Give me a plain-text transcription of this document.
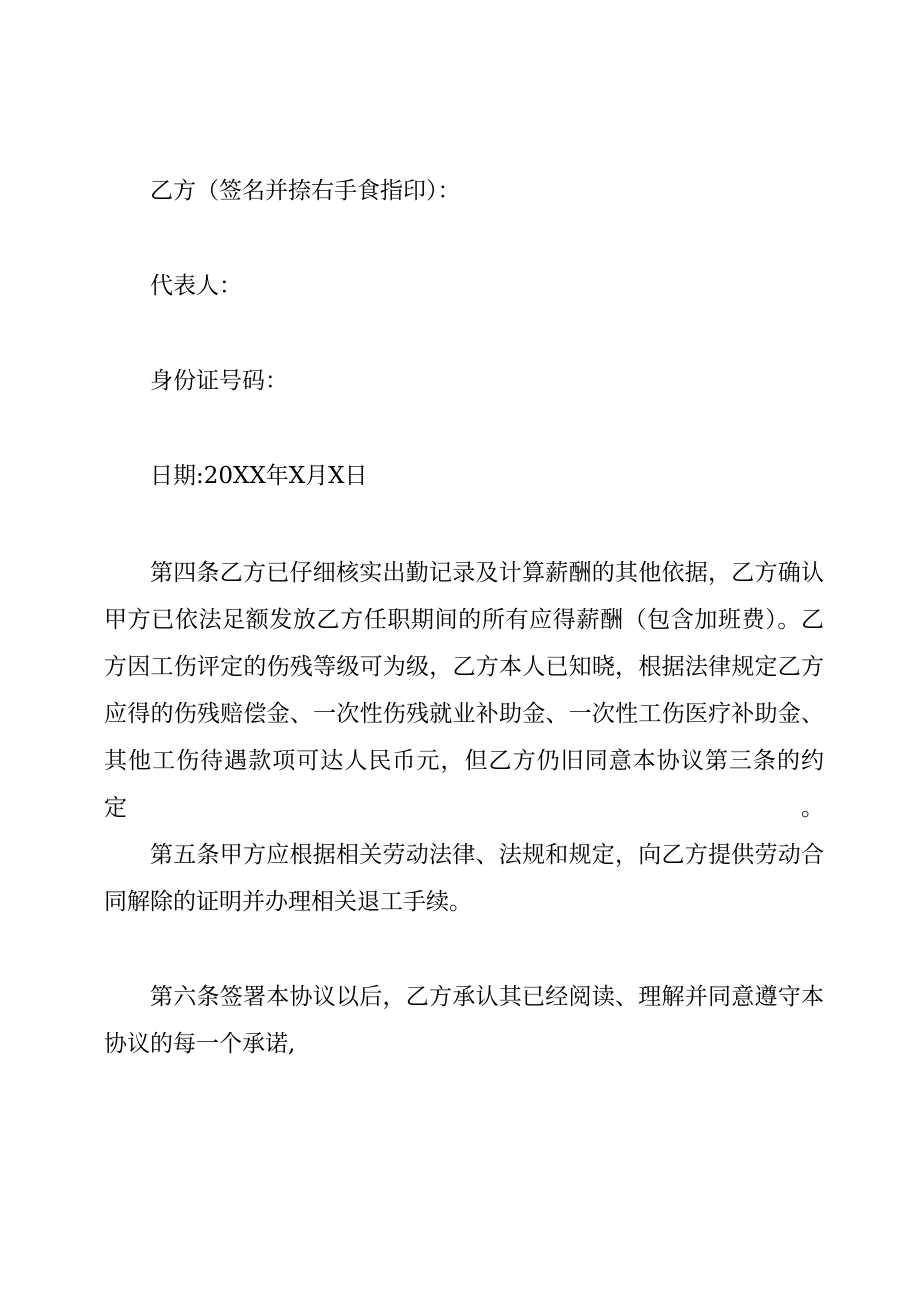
乙方（签名并捺右手食指印）：
代表人：
身份证号码：
日期:20XX年X月X日
第四条乙方已仔细核实出勤记录及计算薪酬的其他依据，乙方确认甲方已依法足额发放乙方任职期间的所有应得薪酬（包含加班费）。乙方因工伤评定的伤残等级可为级，乙方本人已知晓，根据法律规定乙方应得的伤残赔偿金、一次性伤残就业补助金、一次性工伤医疗补助金、其他工伤待遇款项可达人民币元，但乙方仍旧同意本协议第三条的约定。
第五条甲方应根据相关劳动法律、法规和规定，向乙方提供劳动合同解除的证明并办理相关退工手续。
第六条签署本协议以后，乙方承认其已经阅读、理解并同意遵守本协议的每一个承诺,
